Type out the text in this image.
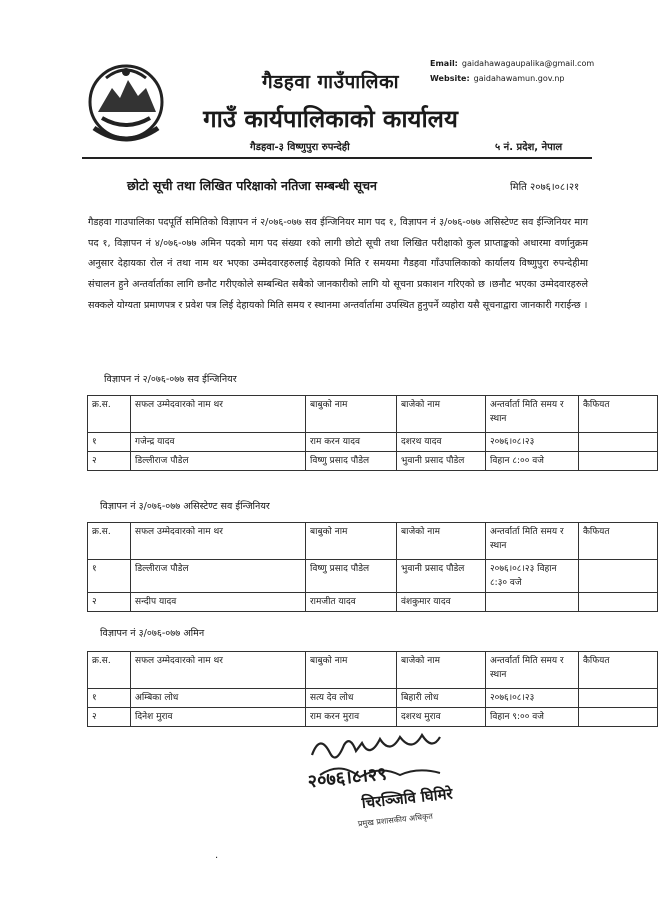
Email: gaidahawagaupalika@gmail.com
Website: gaidahawamun.gov.np
गैडहवा गाउँपालिका
गाउँ कार्यपालिकाको कार्यालय
गैडहवा-३ विष्णुपुरा रुपन्देही	५ नं. प्रदेश, नेपाल
छोटो सूची तथा लिखित परिक्षाको नतिजा सम्बन्धी सूचन	मिति २०७६।०८।२१
गैडहवा गाउपालिका पदपूर्ति समितिको विज्ञापन नं २/०७६-०७७ सव ईन्जिनियर माग पद १, विज्ञापन नं ३/०७६-०७७ असिस्टेण्ट सव ईन्जिनियर माग पद १, विज्ञापन नं ४/०७६-०७७ अमिन पदको माग पद संख्या १को लागी छोटो सूची तथा लिखित परीक्षाको कुल प्राप्ताङ्कको अधारमा वर्णानुक्रम अनुसार देहायका रोल नं तथा नाम थर भएका उम्मेदवारहरुलाई देहायको मिति र समयमा गैडहवा गाँउपालिकाको कार्यालय विष्णुपुरा रुपन्देहीमा संचालन हुने अन्तर्वार्ताका लागि छनौट गरीएकोले सम्बन्धित सबैको जानकारीको लागि यो सूचना प्रकाशन गरिएको छ ।छनौट भएका उम्मेदवारहरुले सक्कले योग्यता प्रमाणपत्र र प्रवेश पत्र लिई देहायको मिति समय र स्थानमा अन्तर्वार्तामा उपस्थित हुनुपर्ने व्यहोरा यसै सूचनाद्वारा जानकारी गराईन्छ ।
विज्ञापन नं २/०७६-०७७ सव ईन्जिनियर
क्र.स.	सफल उम्मेदवारको नाम थर	बाबुको नाम	बाजेको नाम	अन्तर्वार्ता मिति समय र स्थान	कैफियत
१	गजेन्द्र यादव	राम करन यादव	दशरथ यादव	२०७६।०८।२३	
२	डिल्लीराज पौडेल	विष्णु प्रसाद पौडेल	भुवानी प्रसाद पौडेल	विहान ८:०० वजे	
विज्ञापन नं ३/०७६-०७७ असिस्टेण्ट सव ईन्जिनियर
क्र.स.	सफल उम्मेदवारको नाम थर	बाबुको नाम	बाजेको नाम	अन्तर्वार्ता मिति समय र स्थान	कैफियत
१	डिल्लीराज पौडेल	विष्णु प्रसाद पौडेल	भुवानी प्रसाद पौडेल	२०७६।०८।२३ विहान ८:३० वजे	
२	सन्दीप यादव	रामजीत यादव	वंशकुमार यादव		
विज्ञापन नं ३/०७६-०७७ अमिन
क्र.स.	सफल उम्मेदवारको नाम थर	बाबुको नाम	बाजेको नाम	अन्तर्वार्ता मिति समय र स्थान	कैफियत
१	अम्बिका लोध	सत्य देव लोध	बिहारी लोध	२०७६।०८।२३	
२	दिनेश मुराव	राम करन मुराव	दशरथ मुराव	विहान ९:०० वजे	
२०७६।८।२९
चिरञ्जिवि घिमिरे
प्रमुख प्रशासकीय अधिकृत
·
